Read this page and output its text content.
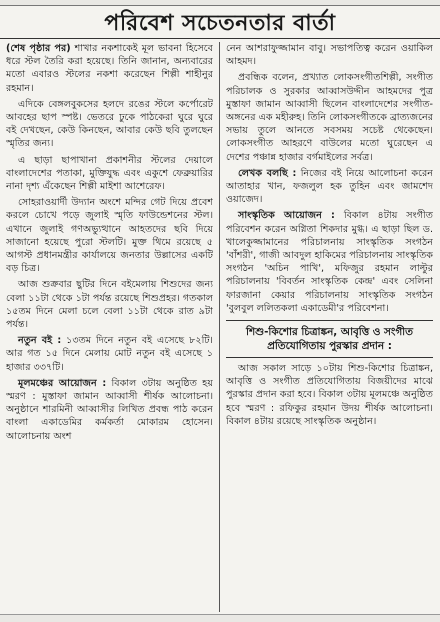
পরিবেশ সচেতনতার বার্তা

(শেষ পৃষ্ঠার পর) শাখার নকশাকেই মূল ভাবনা হিসেবে ধরে স্টল তৈরি করা হয়েছে। তিনি জানান, অন্যবারের মতো এবারও স্টলের নকশা করেছেন শিল্পী শাহীনুর রহমান।

এদিকে বেঙ্গলবুকসের হলদে রঙের স্টলে কর্পোরেট আবহের ছাপ স্পষ্ট। ভেতরে ঢুকে পাঠকেরা ঘুরে ঘুরে বই দেখছেন, কেউ কিনছেন, আবার কেউ ছবি তুলছেন স্মৃতির জন্য।

এ ছাড়া ছাপাখানা প্রকাশনীর স্টলের দেয়ালে বাংলাদেশের পতাকা, মুক্তিযুদ্ধ এবং একুশে ফেব্রুয়ারির নানা দৃশ্য এঁকেছেন শিল্পী মাইশা আশেরেফ।

সোহরাওয়ার্দী উদ্যান অংশে মন্দির গেট দিয়ে প্রবেশ করলে চোখে পড়ে জুলাই স্মৃতি ফাউন্ডেশনের স্টল। এখানে জুলাই গণঅভ্যুত্থানে আহতদের ছবি দিয়ে সাজানো হয়েছে পুরো স্টলটি। মুক্ত থিমে রয়েছে ৫ আগস্ট প্রধানমন্ত্রীর কার্যালয়ে জনতার উল্লাসের একটি বড় চিত্র।

আজ শুক্রবার ছুটির দিনে বইমেলায় শিশুদের জন্য বেলা ১১টা থেকে ১টা পর্যন্ত রয়েছে শিশুপ্রহর। গতকাল ১৫তম দিনে মেলা চলে বেলা ১১টা থেকে রাত ৯টা পর্যন্ত।

নতুন বই : ১৩তম দিনে নতুন বই এসেছে ৮২টি। আর গত ১৫ দিনে মেলায় মোট নতুন বই এসেছে ১ হাজার ৩৩৭টি।

মূলমঞ্চের আয়োজন : বিকাল ৩টায় অনুষ্ঠিত হয় স্মরণ : মুস্তাফা জামান আব্বাসী শীর্ষক আলোচনা। অনুষ্ঠানে শারমিনী আব্বাসীর লিখিত প্রবন্ধ পাঠ করেন বাংলা একাডেমির কর্মকর্তা মোকারম হোসেন। আলোচনায় অংশ

নেন আশরাফুজ্জামান বাবু। সভাপতিত্ব করেন ওয়াকিল আহমদ।

প্রবন্ধিক বলেন, প্রখ্যাত লোকসংগীতশিল্পী, সংগীত পরিচালক ও সুরকার আব্বাসউদ্দীন আহমদের পুত্র মুস্তাফা জামান আব্বাসী ছিলেন বাংলাদেশের সংগীত-অঙ্গনের এক মহীরুহ। তিনি লোকসংগীতকে ব্রাত্যজনের সভায় তুলে আনতে সবসময় সচেষ্ট থেকেছেন। লোকসংগীত আহরণে বাউলের মতো ঘুরেছেন এ দেশের পঞ্চান্ন হাজার বর্গমাইলের সর্বত্র।

লেখক বলছি : নিজের বই নিয়ে আলোচনা করেন আতাহার খান, ফজলুল হক তুহিন এবং জামশেদ ওয়াজেদ।

সাংস্কৃতিক আয়োজন : বিকাল ৪টায় সংগীত পরিবেশন করেন অগ্নিতা শিকদার মুগ্ধ। এ ছাড়া ছিল ড. খালেকুজ্জামানের পরিচালনায় সাংস্কৃতিক সংগঠন 'বাঁশরী', গাজী আবদুল হাকিমের পরিচালনায় সাংস্কৃতিক সংগঠন 'অচিন পাখি', মফিজুর রহমান লাল্টুর পরিচালনায় 'বিবর্তন সাংস্কৃতিক কেন্দ্র' এবং সেলিনা ফারজানা কেয়ার পরিচালনায় সাংস্কৃতিক সংগঠন 'বুলবুল ললিতকলা একাডেমী'র পরিবেশনা।

শিশু-কিশোর চিত্রাঙ্কন, আবৃত্তি ও সংগীত প্রতিযোগিতায় পুরস্কার প্রদান :

আজ সকাল সাড়ে ১০টায় শিশু-কিশোর চিত্রাঙ্কন, আবৃত্তি ও সংগীত প্রতিযোগিতায় বিজয়ীদের মাঝে পুরস্কার প্রদান করা হবে। বিকাল ৩টায় মূলমঞ্চে অনুষ্ঠিত হবে স্মরণ : রফিকুর রহমান উদয় শীর্ষক আলোচনা। বিকাল ৪টায় রয়েছে সাংস্কৃতিক অনুষ্ঠান।
